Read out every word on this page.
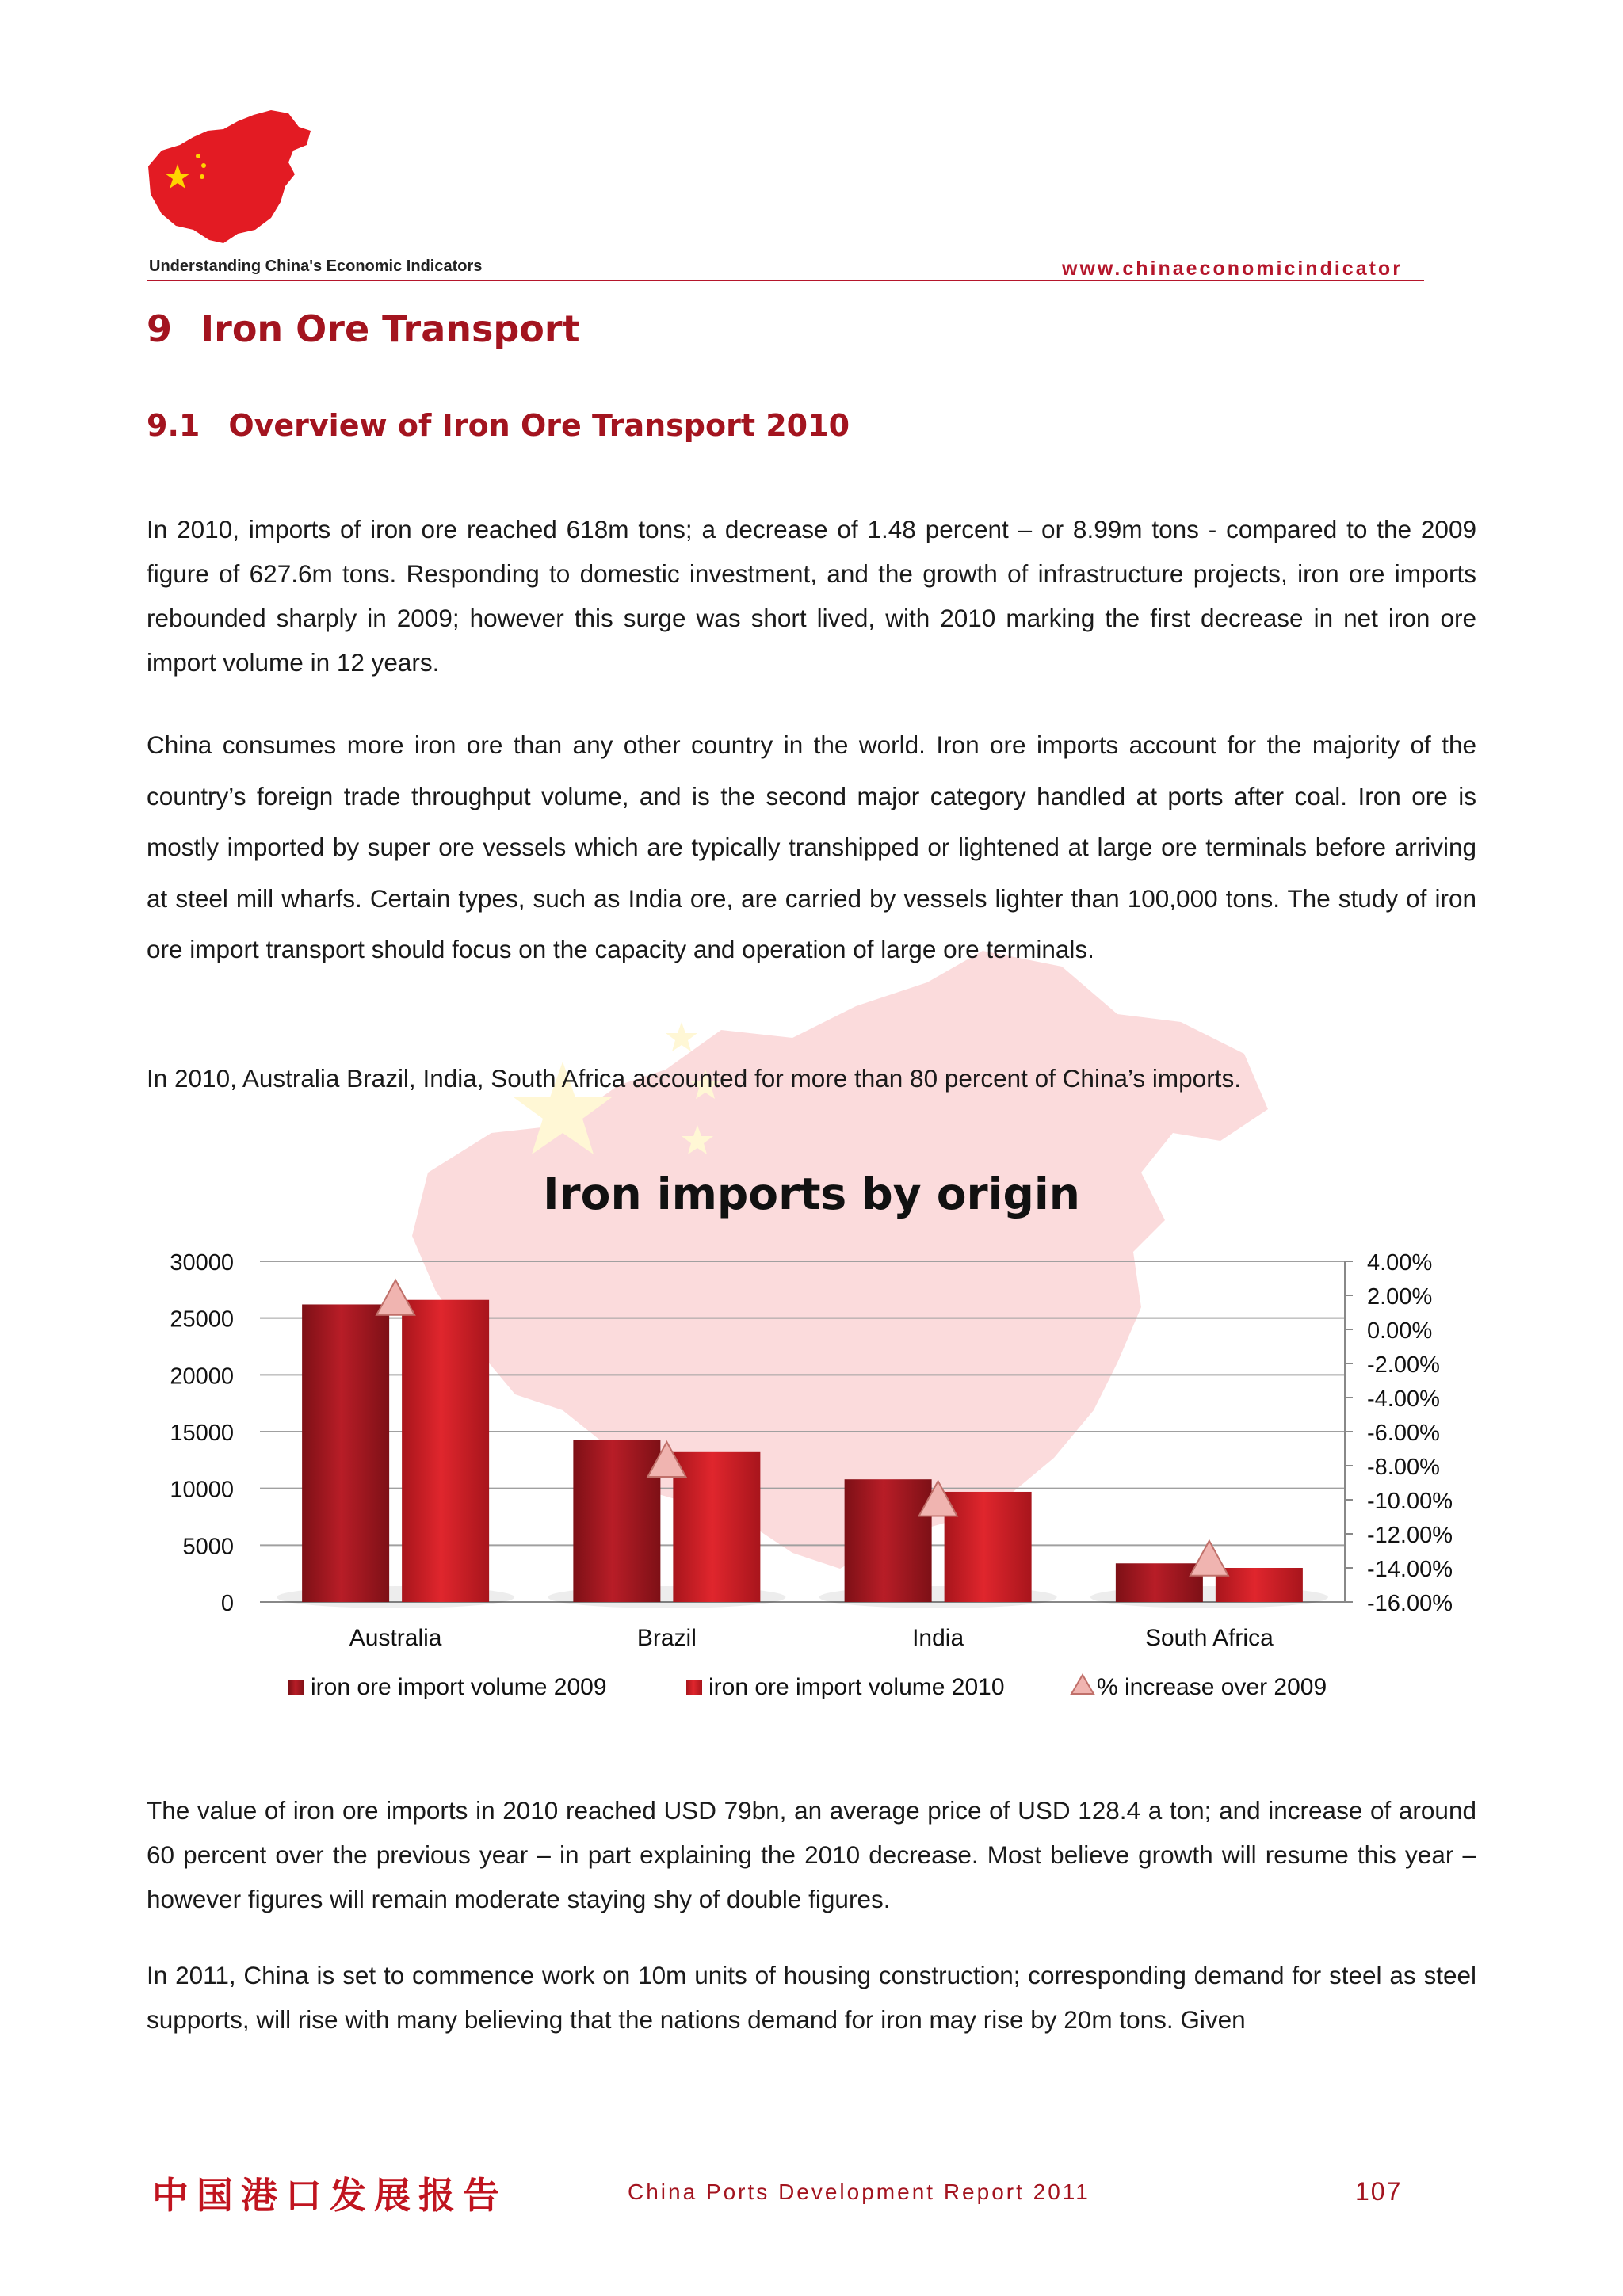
Understanding China's Economic Indicators	www.chinaeconomicindicator
9 Iron Ore Transport
9.1 Overview of Iron Ore Transport 2010

In 2010, imports of iron ore reached 618m tons; a decrease of 1.48 percent – or 8.99m tons - compared to the 2009 figure of 627.6m tons. Responding to domestic investment, and the growth of infrastructure projects, iron ore imports rebounded sharply in 2009; however this surge was short lived, with 2010 marking the first decrease in net iron ore import volume in 12 years.

China consumes more iron ore than any other country in the world. Iron ore imports account for the majority of the country’s foreign trade throughput volume, and is the second major category handled at ports after coal. Iron ore is mostly imported by super ore vessels which are typically transhipped or lightened at large ore terminals before arriving at steel mill wharfs. Certain types, such as India ore, are carried by vessels lighter than 100,000 tons. The study of iron ore import transport should focus on the capacity and operation of large ore terminals.

In 2010, Australia Brazil, India, South Africa accounted for more than 80 percent of China’s imports.

Iron imports by origin
0
5000
10000
15000
20000
25000
30000
-16.00%
-14.00%
-12.00%
-10.00%
-8.00%
-6.00%
-4.00%
-2.00%
0.00%
2.00%
4.00%
Australia	Brazil	India	South Africa
iron ore import volume 2009	iron ore import volume 2010	% increase over 2009

The value of iron ore imports in 2010 reached USD 79bn, an average price of USD 128.4 a ton; and increase of around 60 percent over the previous year – in part explaining the 2010 decrease. Most believe growth will resume this year – however figures will remain moderate staying shy of double figures.

In 2011, China is set to commence work on 10m units of housing construction; corresponding demand for steel as steel supports, will rise with many believing that the nations demand for iron may rise by 20m tons. Given

中国港口发展报告	China Ports Development Report 2011	107
